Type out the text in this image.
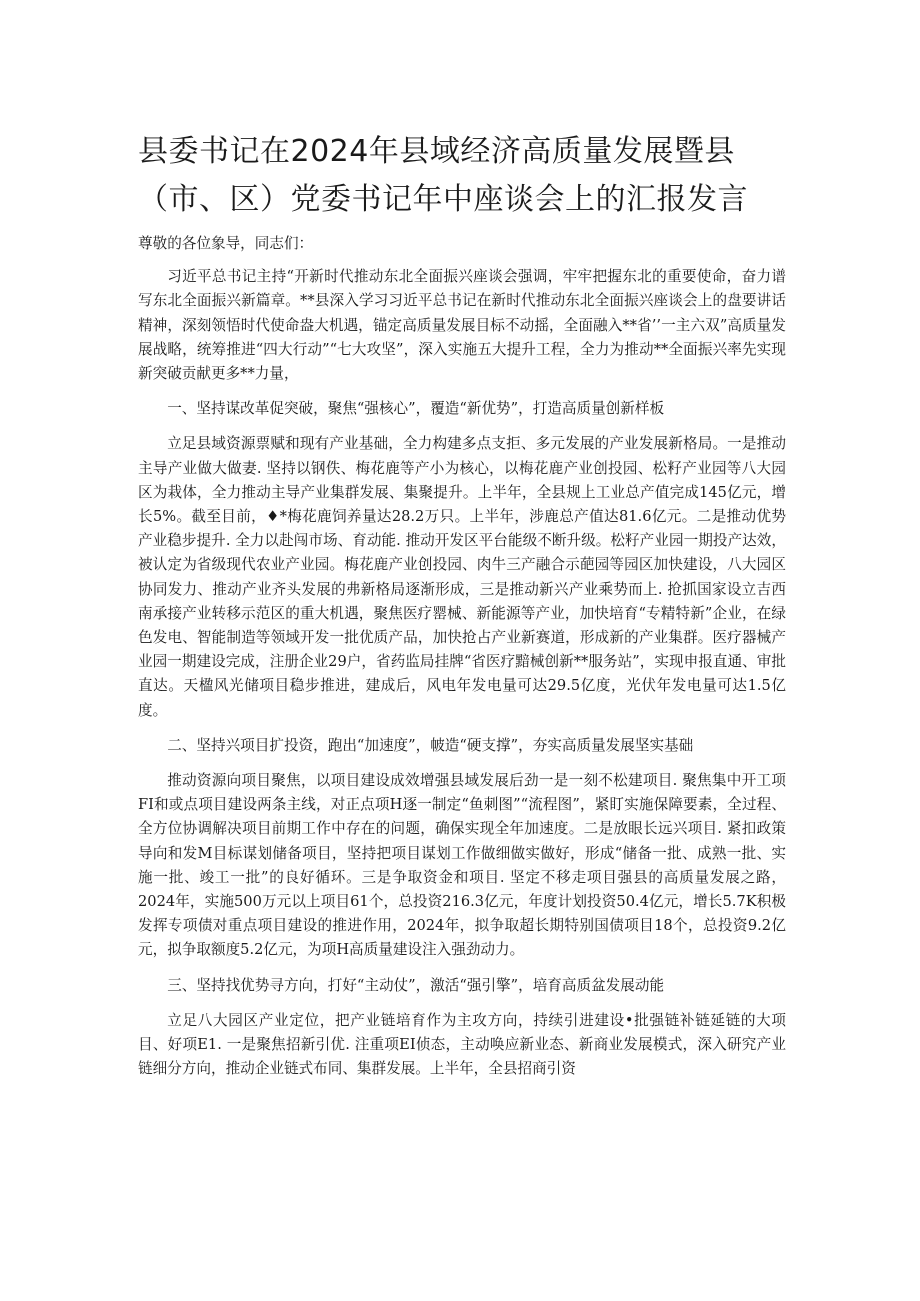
县委书记在2024年县域经济高质量发展暨县（市、区）党委书记年中座谈会上的汇报发言

尊敬的各位象导，同志们：

习近平总书记主持“开新时代推动东北全面振兴座谈会强调，牢牢把握东北的重要使命，奋力谱写东北全面振兴新篇章。**县深入学习习近平总书记在新时代推动东北全面振兴座谈会上的盘要讲话精神，深刻领悟时代使命盎大机遇，锚定高质量发展目标不动摇，全面融入**省’’一主六双”高质量发展战略，统筹推进“四大行动”“七大攻坚”，深入实施五大提升工程，全力为推动**全面振兴率先实现新突破贡献更多**力量，

一、坚持谋改革促突破，聚焦“强核心”，覆造“新优势”，打造高质量创新样板

立足县域资源票赋和现有产业基础，全力构建多点支拒、多元发展的产业发展新格局。一是推动主导产业做大做妻. 坚持以钢佚、梅花鹿等产小为核心，以梅花鹿产业创投园、松籽产业园等八大园区为栽体，全力推动主导产业集群发展、集聚提升。上半年，全县规上工业总产值完成145亿元，增长5%。截至目前，♦*梅花鹿饲养量达28.2万只。上半年，涉鹿总产值达81.6亿元。二是推动优势产业稳步提升. 全力以赴闯市场、育动能. 推动开发区平台能级不断升级。松籽产业园一期投产达效，被认定为省级现代农业产业园。梅花鹿产业创投园、肉牛三产融合示葩园等园区加快建设，八大园区协同发力、推动产业齐头发展的弗新格局逐渐形成，三是推动新兴产业乘势而上. 抢抓国家设立吉西南承接产业转移示范区的重大机遇，聚焦医疗罂械、新能源等产业，加快培育“专精特新”企业，在绿色发电、智能制造等领域开发一批优质产品，加快抢占产业新赛道，形成新的产业集群。医疗器械产业园一期建设完成，注册企业29户，省药监局挂牌“省医疗黯械创新**服务站”，实现申报直通、审批直达。天楹风光储项目稳步推进，建成后，风电年发电量可达29.5亿度，光伏年发电量可达1.5亿度。

二、坚持兴项目扩投资，跑出“加速度”，帔造“硬支撑”，夯实高质量发展坚实基础

推动资源向项目聚焦，以项目建设成效增强县域发展后劲一是一刻不松建项目. 聚焦集中开工项FI和或点项目建设两条主线，对正点项H逐一制定“鱼刺图”“流程图”，紧盯实施保障要素，全过程、全方位协调解决项目前期工作中存在的问题，确保实现全年加速度。二是放眼长远兴项目. 紧扣政策导向和发M目标谋划储备项目，坚持把项目谋划工作做细做实做好，形成“储备一批、成熟一批、实施一批、竣工一批”的良好循环。三是争取资金和项目. 坚定不移走项目强县的高质量发展之路，2024年，实施500万元以上项目61个，总投资216.3亿元，年度计划投资50.4亿元，增长5.7K积极发挥专项债对重点项目建设的推进作用，2024年，拟争取超长期特别国债项目18个，总投资9.2亿元，拟争取额度5.2亿元，为项H高质量建设注入强劲动力。

三、坚持找优势寻方向，打好“主动仗”，激活“强引擎”，培育高质盆发展动能

立足八大园区产业定位，把产业链培育作为主攻方向，持续引进建设•批强链补链延链的大项目、好项E1. 一是聚焦招新引优. 注重项EI侦态，主动唤应新业态、新商业发展模式，深入研究产业链细分方向，推动企业链式布同、集群发展。上半年，全县招商引资
